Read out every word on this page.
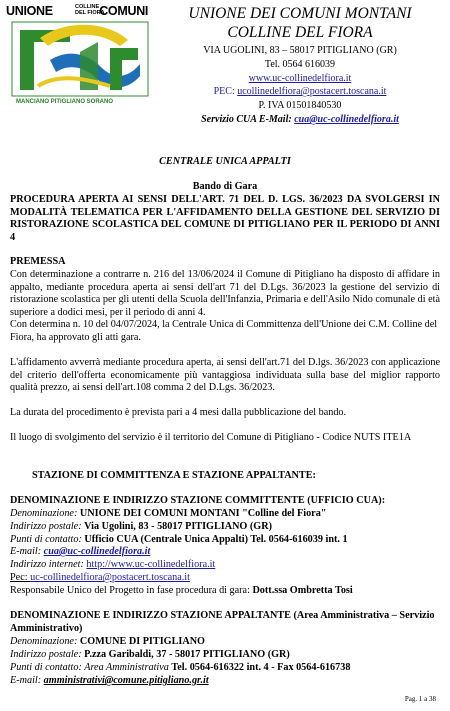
UNIONE	COMUNI
COLLINE
DEL FIORA
MANCIANO PITIGLIANO SORANO
UNIONE DEI COMUNI MONTANI
COLLINE DEL FIORA
VIA UGOLINI, 83 – 58017 PITIGLIANO (GR)
Tel. 0564 616039
www.uc-collinedelfiora.it
PEC: ucollinedelfiora@postacert.toscana.it
P. IVA 01501840530
Servizio CUA E-Mail: cua@uc-collinedelfiora.it
CENTRALE UNICA APPALTI
Bando di Gara

PROCEDURA APERTA AI SENSI DELL'ART. 71 DEL D. LGS. 36/2023 DA SVOLGERSI IN MODALITÀ TELEMATICA PER L'AFFIDAMENTO DELLA GESTIONE DEL SERVIZIO DI RISTORAZIONE SCOLASTICA DEL COMUNE DI PITIGLIANO PER IL PERIODO DI ANNI 4

PREMESSA

Con determinazione a contrarre n. 216 del 13/06/2024 il Comune di Pitigliano ha disposto di affidare in appalto, mediante procedura aperta ai sensi dell'art 71 del D.Lgs. 36/2023 la gestione del servizio di ristorazione scolastica per gli utenti della Scuola dell'Infanzia, Primaria e dell'Asilo Nido comunale di età superiore a dodici mesi, per il periodo di anni 4.

Con determina n. 10 del 04/07/2024, la Centrale Unica di Committenza dell'Unione dei C.M. Colline del Fiora, ha approvato gli atti gara.

L'affidamento avverrà mediante procedura aperta, ai sensi dell'art.71 del D.lgs. 36/2023 con applicazione del criterio dell'offerta economicamente più vantaggiosa individuata sulla base del miglior rapporto qualità prezzo, ai sensi dell'art.108 comma 2 del D.Lgs. 36/2023.

La durata del procedimento è prevista pari a 4 mesi dalla pubblicazione del bando.

Il luogo di svolgimento del servizio è il territorio del Comune di Pitigliano - Codice NUTS ITE1A

STAZIONE DI COMMITTENZA E STAZIONE APPALTANTE:
DENOMINAZIONE E INDIRIZZO STAZIONE COMMITTENTE (UFFICIO CUA):
Denominazione: UNIONE DEI COMUNI MONTANI "Colline del Fiora"
Indirizzo postale: Via Ugolini, 83 - 58017 PITIGLIANO (GR)
Punti di contatto: Ufficio CUA (Centrale Unica Appalti) Tel. 0564-616039 int. 1
E-mail: cua@uc-collinedelfiora.it
Indirizzo internet: http://www.uc-collinedelfiora.it
Pec: uc-collinedelfiora@postacert.toscana.it
Responsabile Unico del Progetto in fase procedura di gara: Dott.ssa Ombretta Tosi

DENOMINAZIONE E INDIRIZZO STAZIONE APPALTANTE (Area Amministrativa – Servizio Amministrativo)

Denominazione: COMUNE DI PITIGLIANO
Indirizzo postale: P.zza Garibaldi, 37 - 58017 PITIGLIANO (GR)
Punti di contatto: Area Amministrativa Tel. 0564-616322 int. 4 - Fax 0564-616738
E-mail: amministrativi@comune.pitigliano.gr.it
Pag. 1 a 38
